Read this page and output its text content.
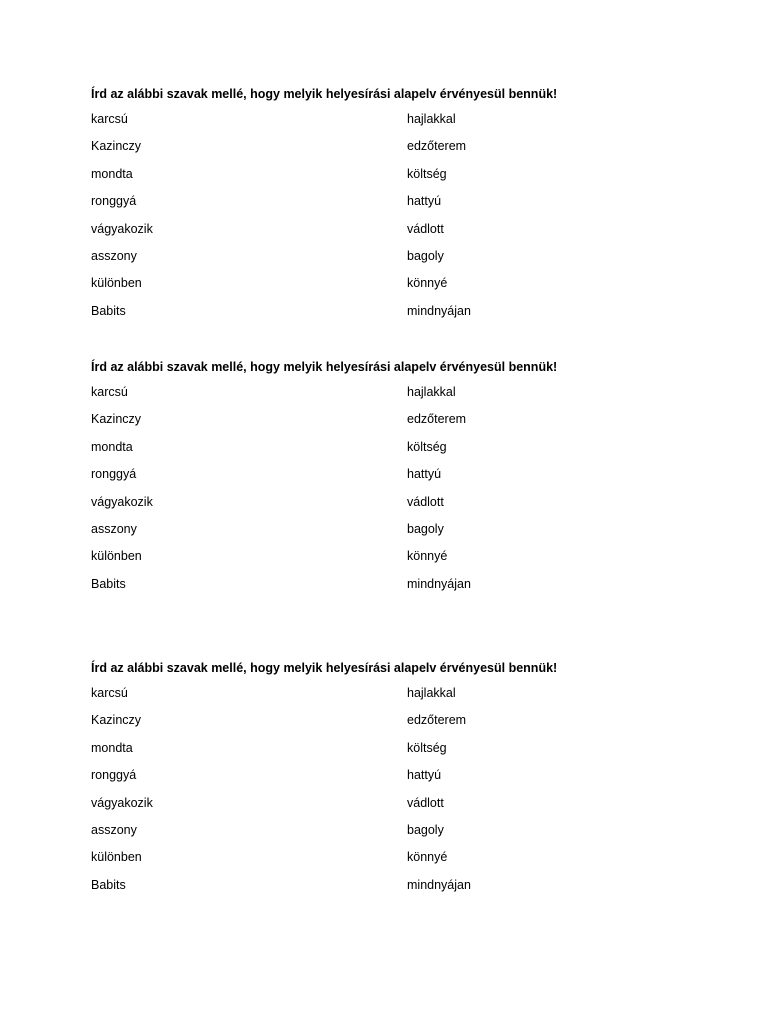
Írd az alábbi szavak mellé, hogy melyik helyesírási alapelv érvényesül bennük!
karcsú	hajlakkal
Kazinczy	edzőterem
mondta	költség
ronggyá	hattyú
vágyakozik	vádlott
asszony	bagoly
különben	könnyé
Babits	mindnyájan
Írd az alábbi szavak mellé, hogy melyik helyesírási alapelv érvényesül bennük!
karcsú	hajlakkal
Kazinczy	edzőterem
mondta	költség
ronggyá	hattyú
vágyakozik	vádlott
asszony	bagoly
különben	könnyé
Babits	mindnyájan
Írd az alábbi szavak mellé, hogy melyik helyesírási alapelv érvényesül bennük!
karcsú	hajlakkal
Kazinczy	edzőterem
mondta	költség
ronggyá	hattyú
vágyakozik	vádlott
asszony	bagoly
különben	könnyé
Babits	mindnyájan
